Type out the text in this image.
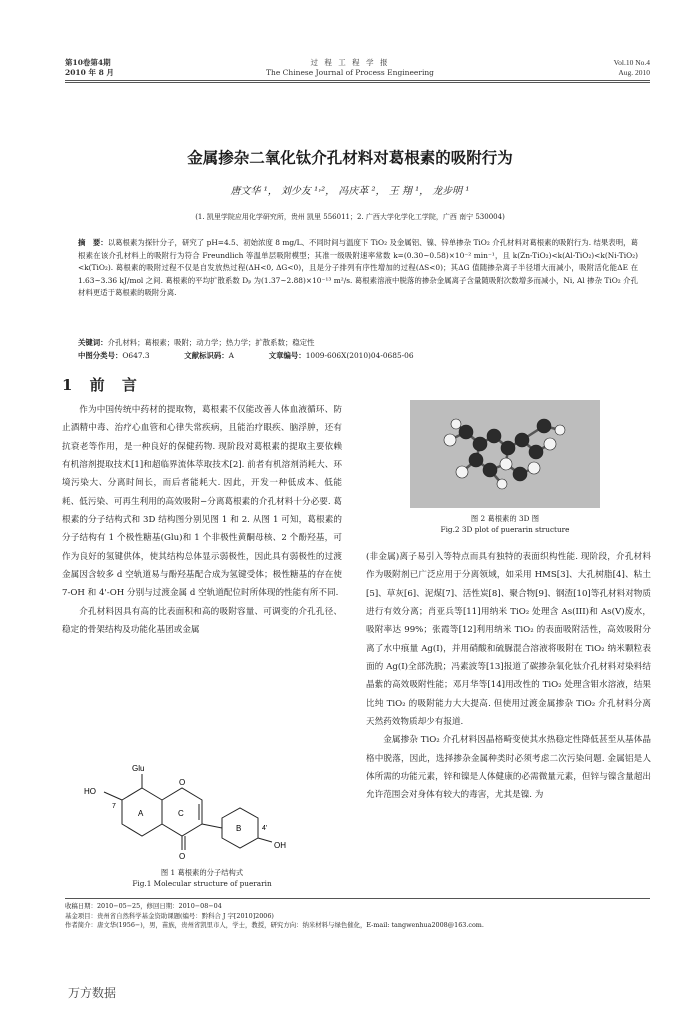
第10卷第4期
2010 年 8 月
过 程 工 程 学 报
The Chinese Journal of Process Engineering
Vol.10 No.4
Aug. 2010
金属掺杂二氧化钛介孔材料对葛根素的吸附行为
唐文华 ¹， 刘少友 ¹˒²， 冯庆革 ²， 王 翔 ¹， 龙步明 ¹
(1. 凯里学院应用化学研究所，贵州 凯里 556011；2. 广西大学化学化工学院，广西 南宁 530004)
摘　要：以葛根素为探针分子，研究了 pH=4.5、初始浓度 8 mg/L、不同时间与温度下 TiO₂ 及金属铝、镍、锌单掺杂 TiO₂ 介孔材料对葛根素的吸附行为. 结果表明，葛根素在该介孔材料上的吸附行为符合 Freundlich 等温单层吸附模型；其准一级吸附速率常数 k=(0.30~0.58)×10⁻² min⁻¹，且 k(Zn-TiO₂)<k(Al-TiO₂)<k(Ni-TiO₂)<k(TiO₂). 葛根素的吸附过程不仅是自发放热过程(ΔH<0, ΔG<0)，且是分子排列有序性增加的过程(ΔS<0)；其ΔG 值随掺杂离子半径增大而减小，吸附活化能ΔE 在 1.63~3.36 kJ/mol 之间. 葛根素的平均扩散系数 Dₚ 为(1.37~2.88)×10⁻¹³ m²/s. 葛根素溶液中脱落的掺杂金属离子含量随吸附次数增多而减小，Ni, Al 掺杂 TiO₂ 介孔材料更适于葛根素的吸附分离.
关键词：介孔材料；葛根素；吸附；动力学；热力学；扩散系数；稳定性
中图分类号：O647.3	文献标识码：A	文章编号：1009-606X(2010)04-0685-06
1 前 言

作为中国传统中药材的提取物，葛根素不仅能改善人体血液循环、防止酒精中毒、治疗心血管和心律失常疾病，且能治疗眼疾、脑浮肿，还有抗衰老等作用，是一种良好的保健药物. 现阶段对葛根素的提取主要依赖有机溶剂提取技术[1]和超临界流体萃取技术[2]. 前者有机溶剂消耗大、环境污染大、分离时间长，而后者能耗大. 因此，开发一种低成本、低能耗、低污染、可再生利用的高效吸附−分离葛根素的介孔材料十分必要. 葛根素的分子结构式和 3D 结构图分别见图 1 和 2. 从图 1 可知，葛根素的分子结构有 1 个极性糖基(Glu)和 1 个非极性黄酮母核、2 个酚羟基，可作为良好的氢键供体，使其结构总体显示弱极性，因此具有弱极性的过渡金属因含较多 d 空轨道易与酚羟基配合成为氢键受体；极性糖基的存在使 7-OH 和 4'-OH 分别与过渡金属 d 空轨道配位时所体现的性能有所不同.

介孔材料因具有高的比表面积和高的吸附容量、可调变的介孔孔径、稳定的骨架结构及功能化基团或金属

Glu
HO
7
O
O
A	C
B	4'
OH
图 1 葛根素的分子结构式
Fig.1 Molecular structure of puerarin
图 2 葛根素的 3D 图
Fig.2 3D plot of puerarin structure

(非金属)离子易引入等特点而具有独特的表面织构性能. 现阶段，介孔材料作为吸附剂已广泛应用于分离领域，如采用 HMS[3]、大孔树脂[4]、粘土[5]、草灰[6]、泥煤[7]、活性炭[8]、聚合物[9]、钢渣[10]等孔材料对物质进行有效分离；肖亚兵等[11]用纳米 TiO₂ 处理含 As(III)和 As(V)废水，吸附率达 99%；张霞等[12]利用纳米 TiO₂ 的表面吸附活性，高效吸附分离了水中痕量 Ag(I)，并用硝酸和硫脲混合溶液将吸附在 TiO₂ 纳米颗粒表面的 Ag(I)全部洗脱；冯素波等[13]报道了碳掺杂氧化钛介孔材料对染料结晶紫的高效吸附性能；邓月华等[14]用改性的 TiO₂ 处理含钼水溶液，结果比纯 TiO₂ 的吸附能力大大提高. 但使用过渡金属掺杂 TiO₂ 介孔材料分离天然药效物质却少有报道.

金属掺杂 TiO₂ 介孔材料因晶格畸变使其水热稳定性降低甚至从基体晶格中脱落，因此，选择掺杂金属种类时必须考虑二次污染问题. 金属铝是人体所需的功能元素，锌和镍是人体健康的必需微量元素，但锌与镍含量超出允许范围会对身体有较大的毒害，尤其是镍. 为

收稿日期：2010−05−25，修回日期：2010−08−04
基金项目：贵州省自然科学基金资助课题(编号：黔科合 J 字[2010]2006)
作者简介：唐文华(1956−)，男，苗族，贵州省凯里市人，学士，教授，研究方向：纳米材料与绿色催化，E-mail: tangwenhua2008@163.com.
万方数据
